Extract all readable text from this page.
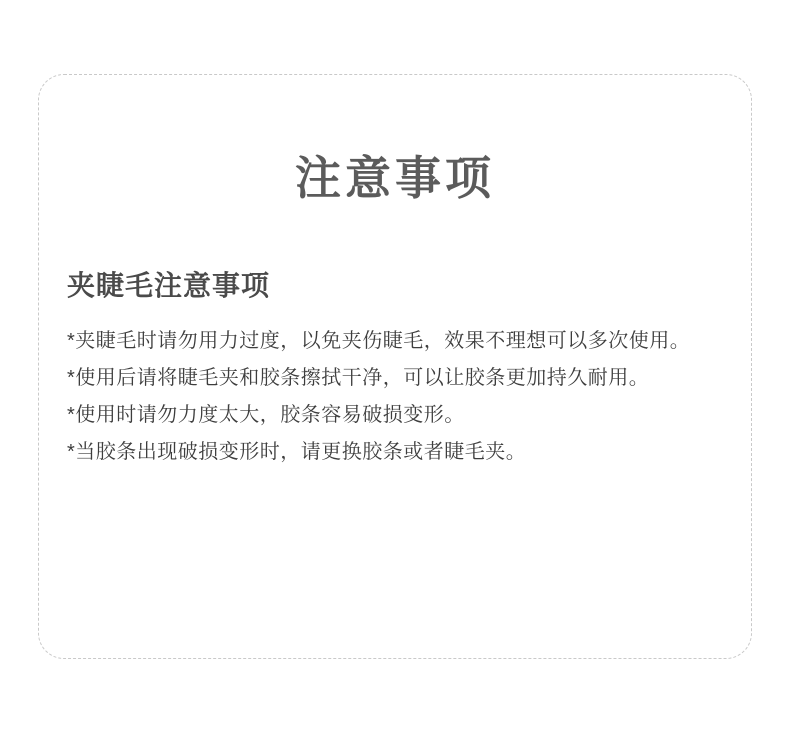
注意事项
夹睫毛注意事项
*夹睫毛时请勿用力过度，以免夹伤睫毛，效果不理想可以多次使用。
*使用后请将睫毛夹和胶条擦拭干净，可以让胶条更加持久耐用。
*使用时请勿力度太大，胶条容易破损变形。
*当胶条出现破损变形时，请更换胶条或者睫毛夹。
